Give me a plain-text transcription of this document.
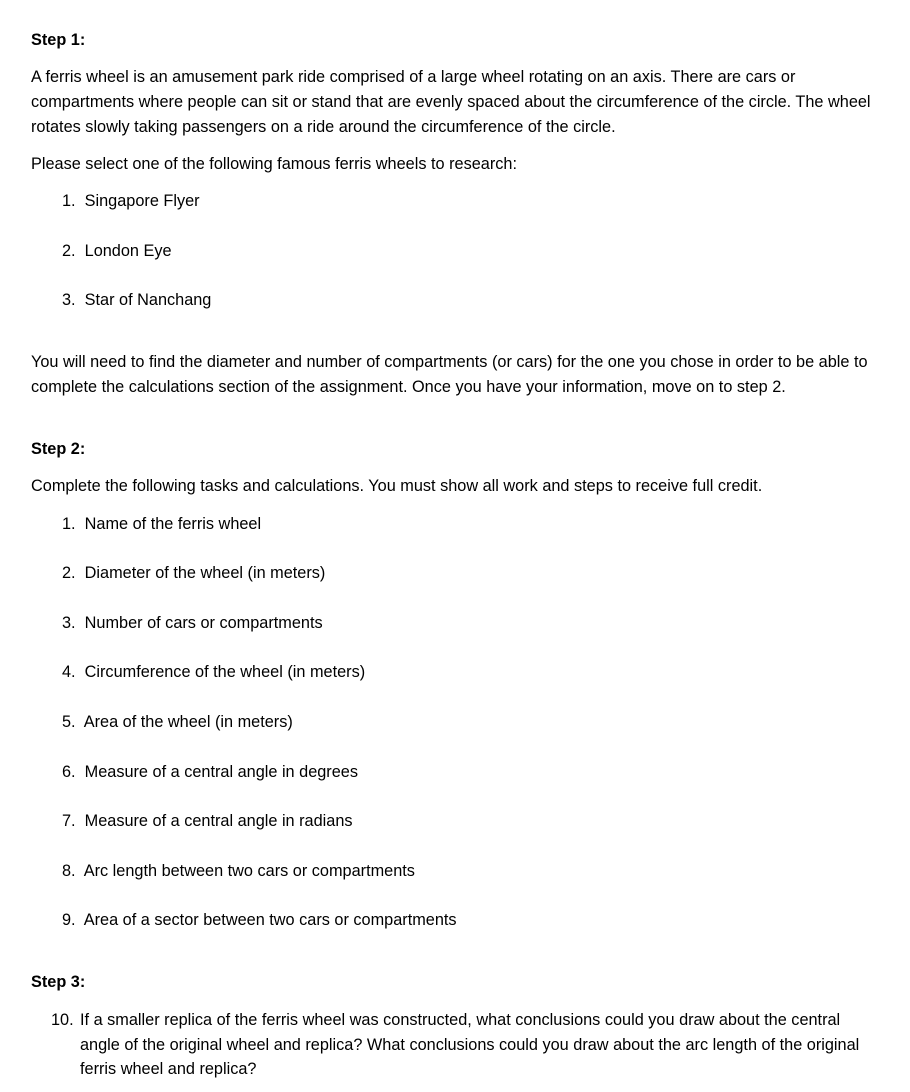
Step 1:
A ferris wheel is an amusement park ride comprised of a large wheel rotating on an axis. There are cars or compartments where people can sit or stand that are evenly spaced about the circumference of the circle. The wheel rotates slowly taking passengers on a ride around the circumference of the circle.
Please select one of the following famous ferris wheels to research:
1.  Singapore Flyer
2.  London Eye
3.  Star of Nanchang
You will need to find the diameter and number of compartments (or cars) for the one you chose in order to be able to complete the calculations section of the assignment. Once you have your information, move on to step 2.
Step 2:
Complete the following tasks and calculations. You must show all work and steps to receive full credit.
1.  Name of the ferris wheel
2.  Diameter of the wheel (in meters)
3.  Number of cars or compartments
4.  Circumference of the wheel (in meters)
5.  Area of the wheel (in meters)
6.  Measure of a central angle in degrees
7.  Measure of a central angle in radians
8.  Arc length between two cars or compartments
9.  Area of a sector between two cars or compartments
Step 3:
10. If a smaller replica of the ferris wheel was constructed, what conclusions could you draw about the central angle of the original wheel and replica? What conclusions could you draw about the arc length of the original ferris wheel and replica?
